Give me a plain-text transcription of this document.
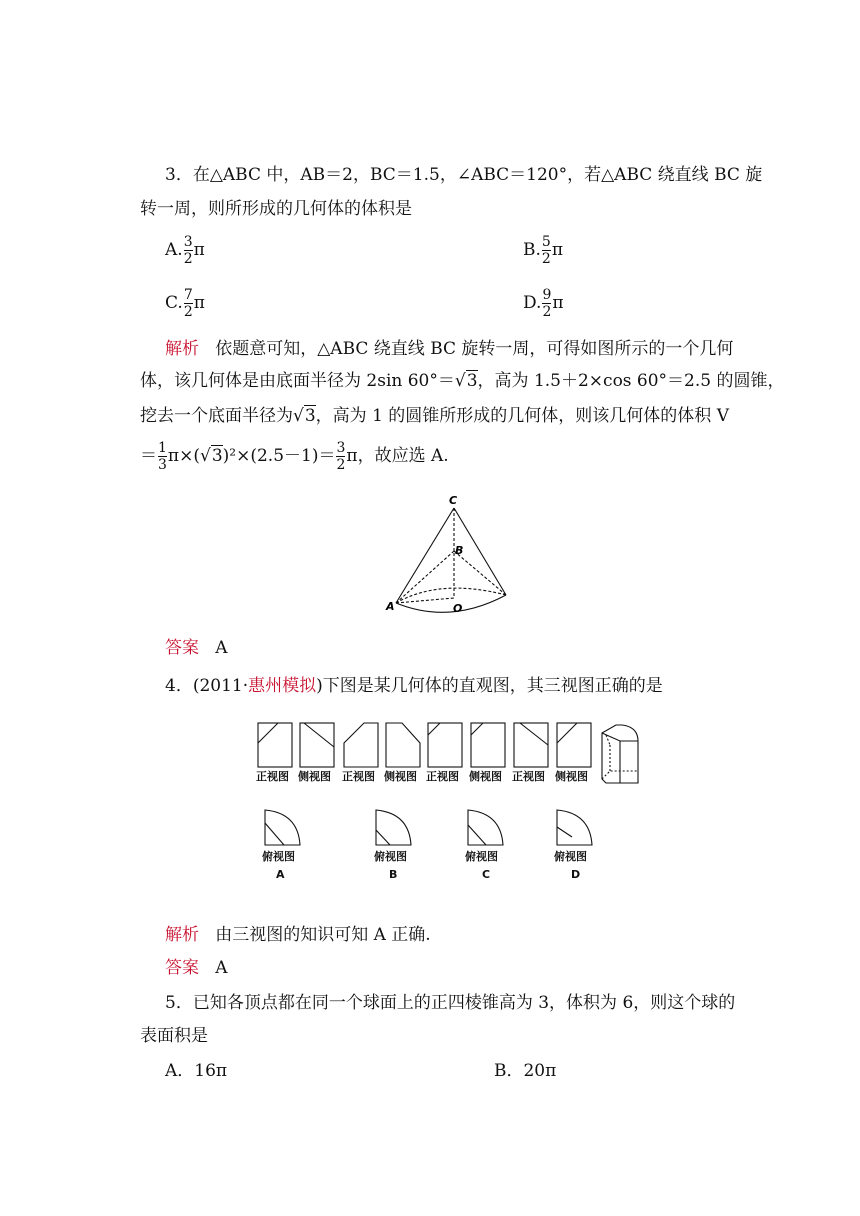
3．在△ABC 中，AB＝2，BC＝1.5，∠ABC＝120°，若△ABC 绕直线 BC 旋
转一周，则所形成的几何体的体积是
A. $\frac{3}{2}$ π	B. $\frac{5}{2}$ π
C. $\frac{7}{2}$ π	D. $\frac{9}{2}$ π
解析 依题意可知，△ABC 绕直线 BC 旋转一周，可得如图所示的一个几何
体，该几何体是由底面半径为 2sin 60°＝√3，高为 1.5＋2×cos 60°＝2.5 的圆锥，
挖去一个底面半径为√3，高为 1 的圆锥所形成的几何体，则该几何体的体积 V
＝ $\frac{1}{3} \pi\times(√3)^2\times(2.5-1)= \frac{3}{2}$ π，故应选 A.
C
B
A	O
答案 A
4．(2011·惠州模拟)下图是某几何体的直观图，其三视图正确的是
正视图 侧视图 正视图 侧视图 正视图 侧视图 正视图 侧视图
俯视图	俯视图	俯视图	俯视图
A	B	C	D
解析 由三视图的知识可知 A 正确.
答案 A
5．已知各顶点都在同一个球面上的正四棱锥高为 3，体积为 6，则这个球的
表面积是
A．16π	B．20π
